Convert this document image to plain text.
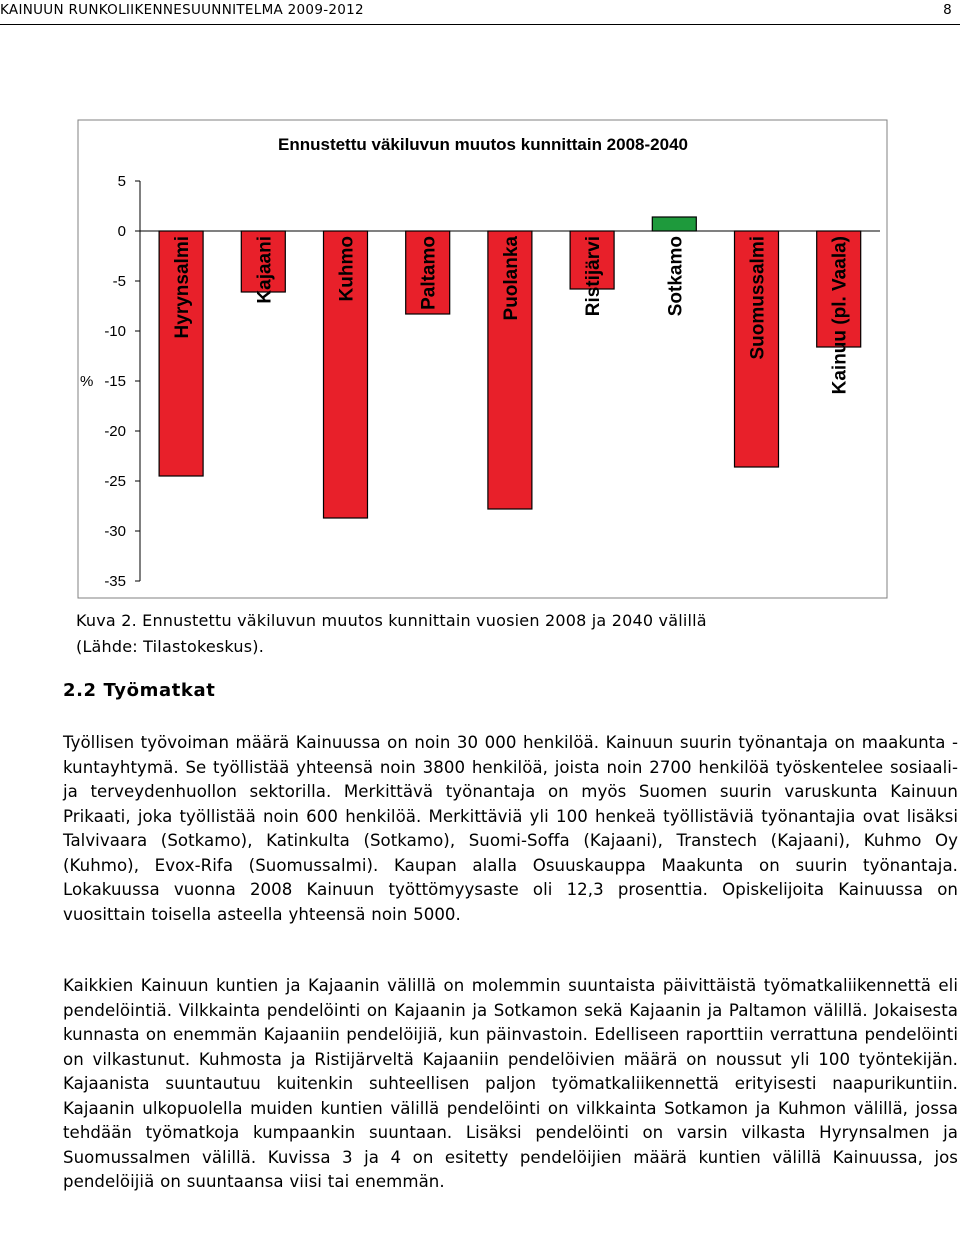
KAINUUN RUNKOLIIKENNESUUNNITELMA 2009-2012	8
Ennustettu väkiluvun muutos kunnittain 2008-2040
5
0
-5
-10
-15
-20
-25
-30
-35
%
Hyrynsalmi	Kajaani	Kuhmo	Paltamo	Puolanka	Ristijärvi	Sotkamo	Suomussalmi	Kainuu (pl. Vaala)

Kuva 2. Ennustettu väkiluvun muutos kunnittain vuosien 2008 ja 2040 välillä
(Lähde: Tilastokeskus).

2.2 Työmatkat

Työllisen työvoiman määrä Kainuussa on noin 30 000 henkilöä. Kainuun suurin työnantaja on maakunta -kuntayhtymä. Se työllistää yhteensä noin 3800 henkilöä, joista noin 2700 henkilöä työskentelee sosiaali- ja terveydenhuollon sektorilla. Merkittävä työnantaja on myös Suomen suurin varuskunta Kainuun Prikaati, joka työllistää noin 600 henkilöä. Merkittäviä yli 100 henkeä työllistäviä työnantajia ovat lisäksi Talvivaara (Sotkamo), Katinkulta (Sotkamo), Suomi-Soffa (Kajaani), Transtech (Kajaani), Kuhmo Oy (Kuhmo), Evox-Rifa (Suomussalmi). Kaupan alalla Osuuskauppa Maakunta on suurin työnantaja. Lokakuussa vuonna 2008 Kainuun työttömyysaste oli 12,3 prosenttia. Opiskelijoita Kainuussa on vuosittain toisella asteella yhteensä noin 5000.

Kaikkien Kainuun kuntien ja Kajaanin välillä on molemmin suuntaista päivittäistä työmatkaliikennettä eli pendelöintiä. Vilkkainta pendelöinti on Kajaanin ja Sotkamon sekä Kajaanin ja Paltamon välillä. Jokaisesta kunnasta on enemmän Kajaaniin pendelöijiä, kun päinvastoin. Edelliseen raporttiin verrattuna pendelöinti on vilkastunut. Kuhmosta ja Ristijärveltä Kajaaniin pendelöivien määrä on noussut yli 100 työntekijän. Kajaanista suuntautuu kuitenkin suhteellisen paljon työmatkaliikennettä erityisesti naapurikuntiin. Kajaanin ulkopuolella muiden kuntien välillä pendelöinti on vilkkainta Sotkamon ja Kuhmon välillä, jossa tehdään työmatkoja kumpaankin suuntaan. Lisäksi pendelöinti on varsin vilkasta Hyrynsalmen ja Suomussalmen välillä. Kuvissa 3 ja 4 on esitetty pendelöijien määrä kuntien välillä Kainuussa, jos pendelöijiä on suuntaansa viisi tai enemmän.
